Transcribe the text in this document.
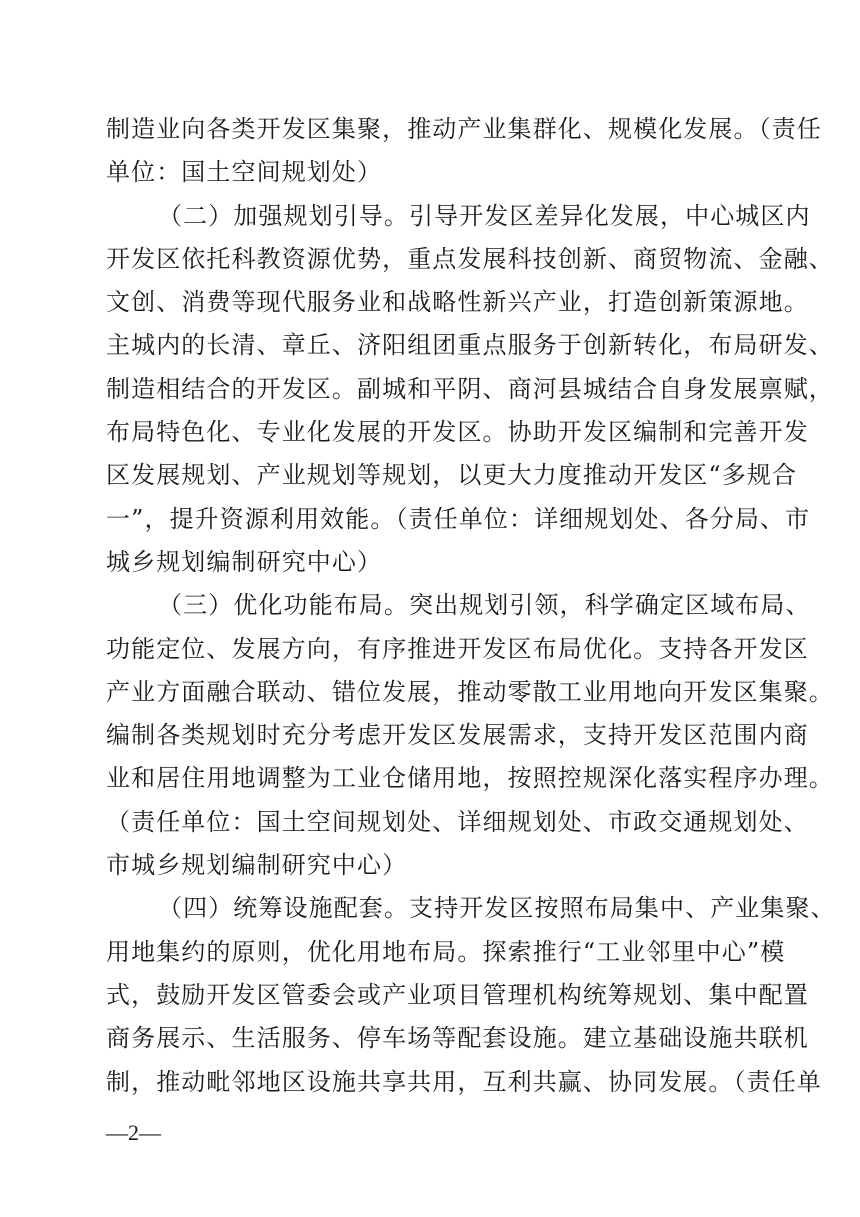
制造业向各类开发区集聚，推动产业集群化、规模化发展。（责任
单位：国土空间规划处）
（二）加强规划引导。引导开发区差异化发展，中心城区内
开发区依托科教资源优势，重点发展科技创新、商贸物流、金融、
文创、消费等现代服务业和战略性新兴产业，打造创新策源地。
主城内的长清、章丘、济阳组团重点服务于创新转化，布局研发、
制造相结合的开发区。副城和平阴、商河县城结合自身发展禀赋，
布局特色化、专业化发展的开发区。协助开发区编制和完善开发
区发展规划、产业规划等规划，以更大力度推动开发区“多规合
一”，提升资源利用效能。（责任单位：详细规划处、各分局、市
城乡规划编制研究中心）
（三）优化功能布局。突出规划引领，科学确定区域布局、
功能定位、发展方向，有序推进开发区布局优化。支持各开发区
产业方面融合联动、错位发展，推动零散工业用地向开发区集聚。
编制各类规划时充分考虑开发区发展需求，支持开发区范围内商
业和居住用地调整为工业仓储用地，按照控规深化落实程序办理。
（责任单位：国土空间规划处、详细规划处、市政交通规划处、
市城乡规划编制研究中心）
（四）统筹设施配套。支持开发区按照布局集中、产业集聚、
用地集约的原则，优化用地布局。探索推行“工业邻里中心”模
式，鼓励开发区管委会或产业项目管理机构统筹规划、集中配置
商务展示、生活服务、停车场等配套设施。建立基础设施共联机
制，推动毗邻地区设施共享共用，互利共赢、协同发展。（责任单
—2—
